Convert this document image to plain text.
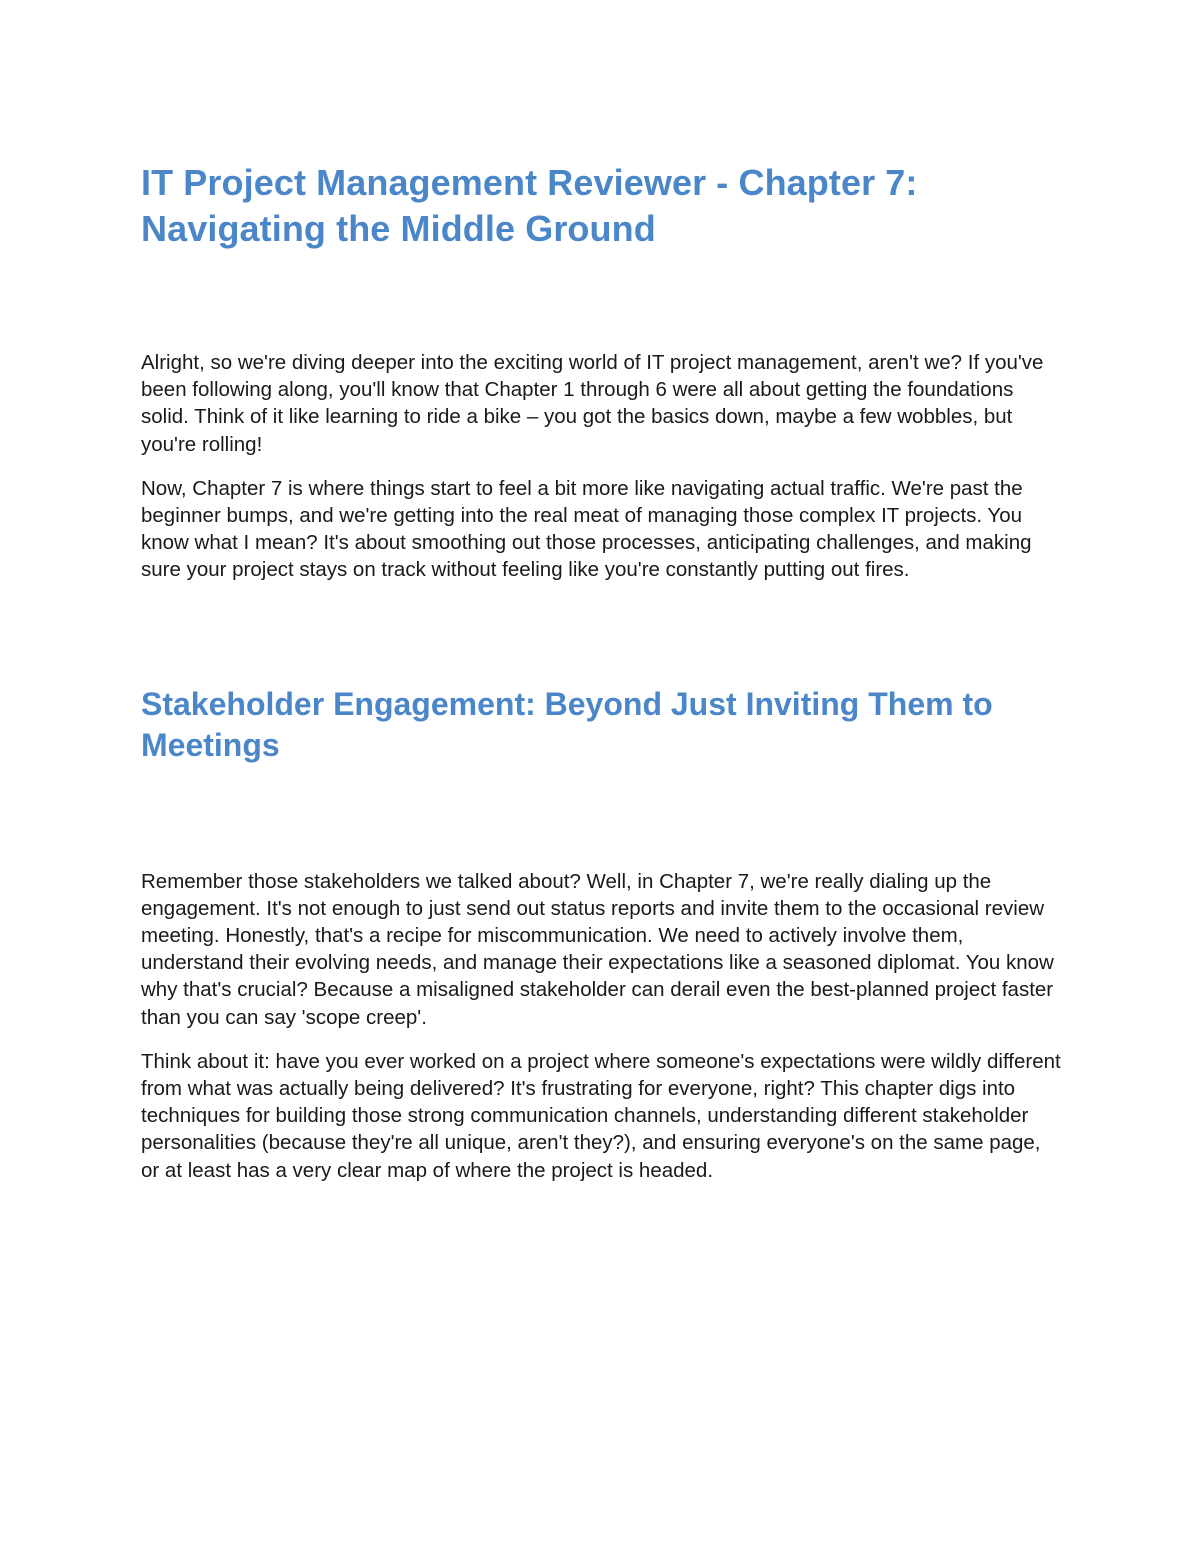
IT Project Management Reviewer - Chapter 7: Navigating the Middle Ground

Alright, so we're diving deeper into the exciting world of IT project management, aren't we? If you've been following along, you'll know that Chapter 1 through 6 were all about getting the foundations solid. Think of it like learning to ride a bike – you got the basics down, maybe a few wobbles, but you're rolling!

Now, Chapter 7 is where things start to feel a bit more like navigating actual traffic. We're past the beginner bumps, and we're getting into the real meat of managing those complex IT projects. You know what I mean? It's about smoothing out those processes, anticipating challenges, and making sure your project stays on track without feeling like you're constantly putting out fires.

Stakeholder Engagement: Beyond Just Inviting Them to Meetings

Remember those stakeholders we talked about? Well, in Chapter 7, we're really dialing up the engagement. It's not enough to just send out status reports and invite them to the occasional review meeting. Honestly, that's a recipe for miscommunication. We need to actively involve them, understand their evolving needs, and manage their expectations like a seasoned diplomat. You know why that's crucial? Because a misaligned stakeholder can derail even the best-planned project faster than you can say 'scope creep'.

Think about it: have you ever worked on a project where someone's expectations were wildly different from what was actually being delivered? It's frustrating for everyone, right? This chapter digs into techniques for building those strong communication channels, understanding different stakeholder personalities (because they're all unique, aren't they?), and ensuring everyone's on the same page, or at least has a very clear map of where the project is headed.
